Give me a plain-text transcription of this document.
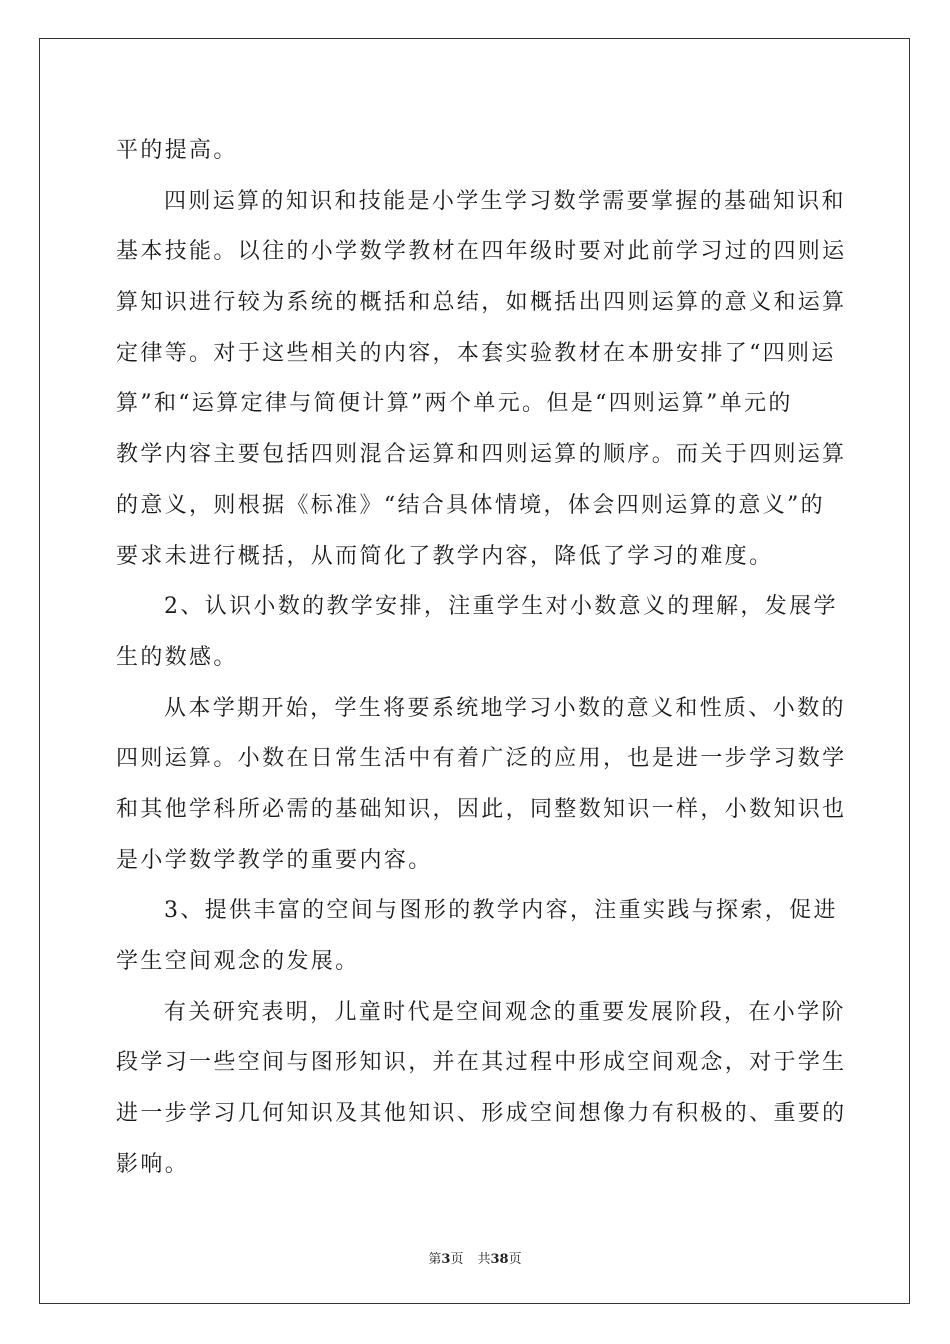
平的提高。
四则运算的知识和技能是小学生学习数学需要掌握的基础知识和
基本技能。以往的小学数学教材在四年级时要对此前学习过的四则运
算知识进行较为系统的概括和总结，如概括出四则运算的意义和运算
定律等。对于这些相关的内容，本套实验教材在本册安排了“四则运
算”和“运算定律与简便计算”两个单元。但是“四则运算”单元的
教学内容主要包括四则混合运算和四则运算的顺序。而关于四则运算
的意义，则根据《标准》“结合具体情境，体会四则运算的意义”的
要求未进行概括，从而简化了教学内容，降低了学习的难度。
2、认识小数的教学安排，注重学生对小数意义的理解，发展学
生的数感。
从本学期开始，学生将要系统地学习小数的意义和性质、小数的
四则运算。小数在日常生活中有着广泛的应用，也是进一步学习数学
和其他学科所必需的基础知识，因此，同整数知识一样，小数知识也
是小学数学教学的重要内容。
3、提供丰富的空间与图形的教学内容，注重实践与探索，促进
学生空间观念的发展。
有关研究表明，儿童时代是空间观念的重要发展阶段，在小学阶
段学习一些空间与图形知识，并在其过程中形成空间观念，对于学生
进一步学习几何知识及其他知识、形成空间想像力有积极的、重要的
影响。
第3页 共38页
